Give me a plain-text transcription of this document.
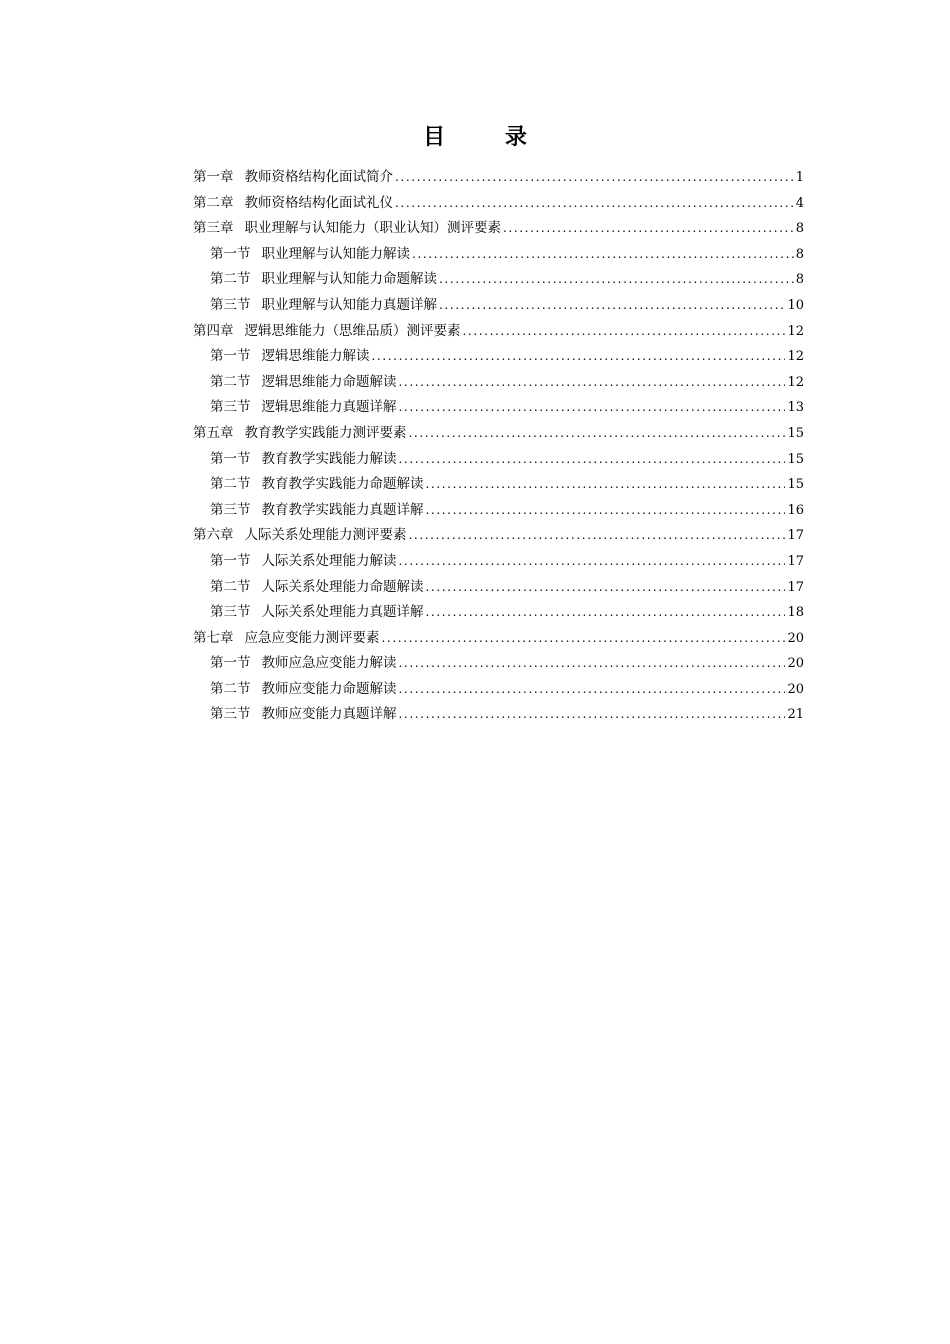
目 录
第一章 教师资格结构化面试简介 .....	1
第二章 教师资格结构化面试礼仪 .....	4
第三章 职业理解与认知能力（职业认知）测评要素 .....	8
第一节 职业理解与认知能力解读 .....	8
第二节 职业理解与认知能力命题解读 .....	8
第三节 职业理解与认知能力真题详解 .....	10
第四章 逻辑思维能力（思维品质）测评要素 .....	12
第一节 逻辑思维能力解读 .....	12
第二节 逻辑思维能力命题解读 .....	12
第三节 逻辑思维能力真题详解 .....	13
第五章 教育教学实践能力测评要素 .....	15
第一节 教育教学实践能力解读 .....	15
第二节 教育教学实践能力命题解读 .....	15
第三节 教育教学实践能力真题详解 .....	16
第六章 人际关系处理能力测评要素 .....	17
第一节 人际关系处理能力解读 .....	17
第二节 人际关系处理能力命题解读 .....	17
第三节 人际关系处理能力真题详解 .....	18
第七章 应急应变能力测评要素 .....	20
第一节 教师应急应变能力解读 .....	20
第二节 教师应变能力命题解读 .....	20
第三节 教师应变能力真题详解 .....	21
